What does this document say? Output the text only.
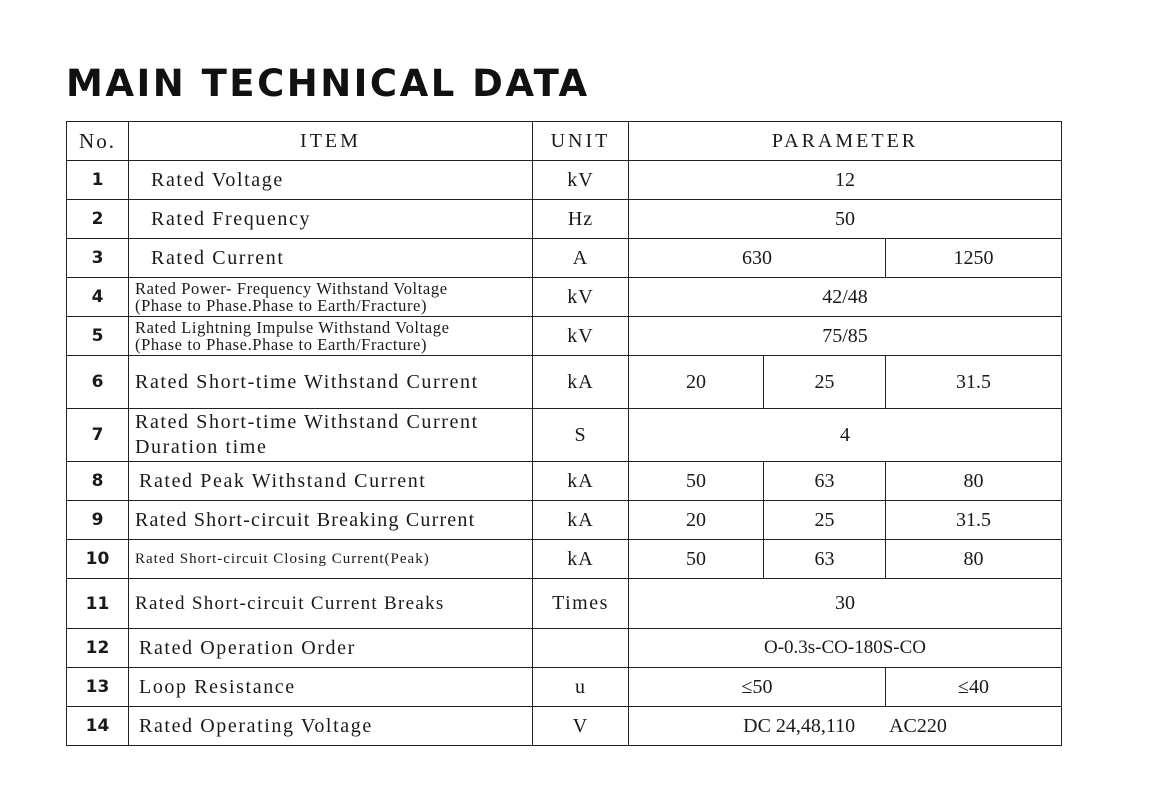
MAIN TECHNICAL DATA
No.	ITEM	UNIT	PARAMETER		
1	Rated Voltage	kV	12		
2	Rated Frequency	Hz	50		
3	Rated Current	A	630		1250
4	Rated Power- Frequency Withstand Voltage
(Phase to Phase.Phase to Earth/Fracture)	kV	42/48		
5	Rated Lightning Impulse Withstand Voltage
(Phase to Phase.Phase to Earth/Fracture)	kV	75/85		
6	Rated Short-time Withstand Current	kA	20	25	31.5
7	Rated Short-time Withstand Current
Duration time	S	4		
8	Rated Peak Withstand Current	kA	50	63	80
9	Rated Short-circuit Breaking Current	kA	20	25	31.5
10	Rated Short-circuit Closing Current(Peak)	kA	50	63	80
11	Rated Short-circuit Current Breaks	Times	30		
12	Rated Operation Order		O-0.3s-CO-180S-CO		
13	Loop Resistance	u	≤50		≤40
14	Rated Operating Voltage	V	DC 24,48,110       AC220		
